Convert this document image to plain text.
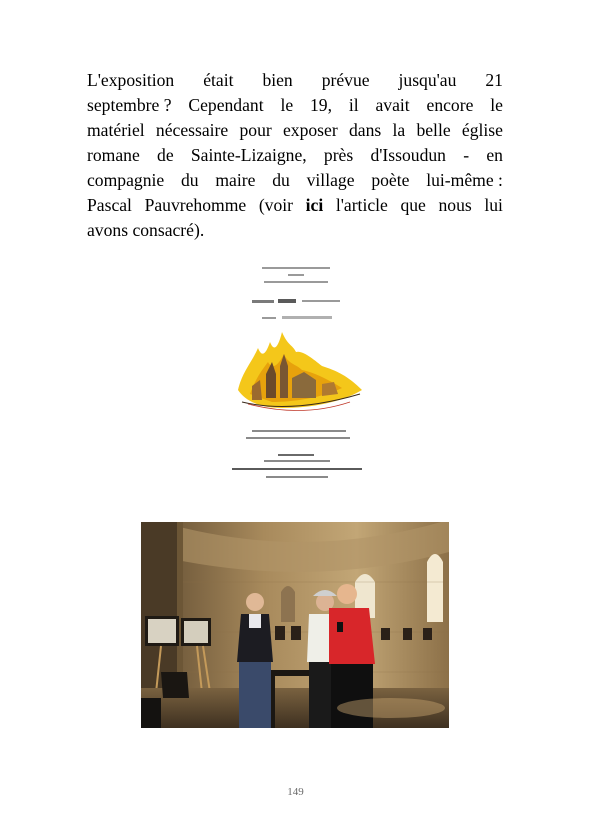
L'exposition était bien prévue jusqu'au 21
septembre ? Cependant le 19, il avait encore le
matériel nécessaire pour exposer dans la belle église
romane de Sainte-Lizaigne, près d'Issoudun - en
compagnie du maire du village poète lui-même :
Pascal Pauvrehomme (voir ici l'article que nous lui
avons consacré).
149
